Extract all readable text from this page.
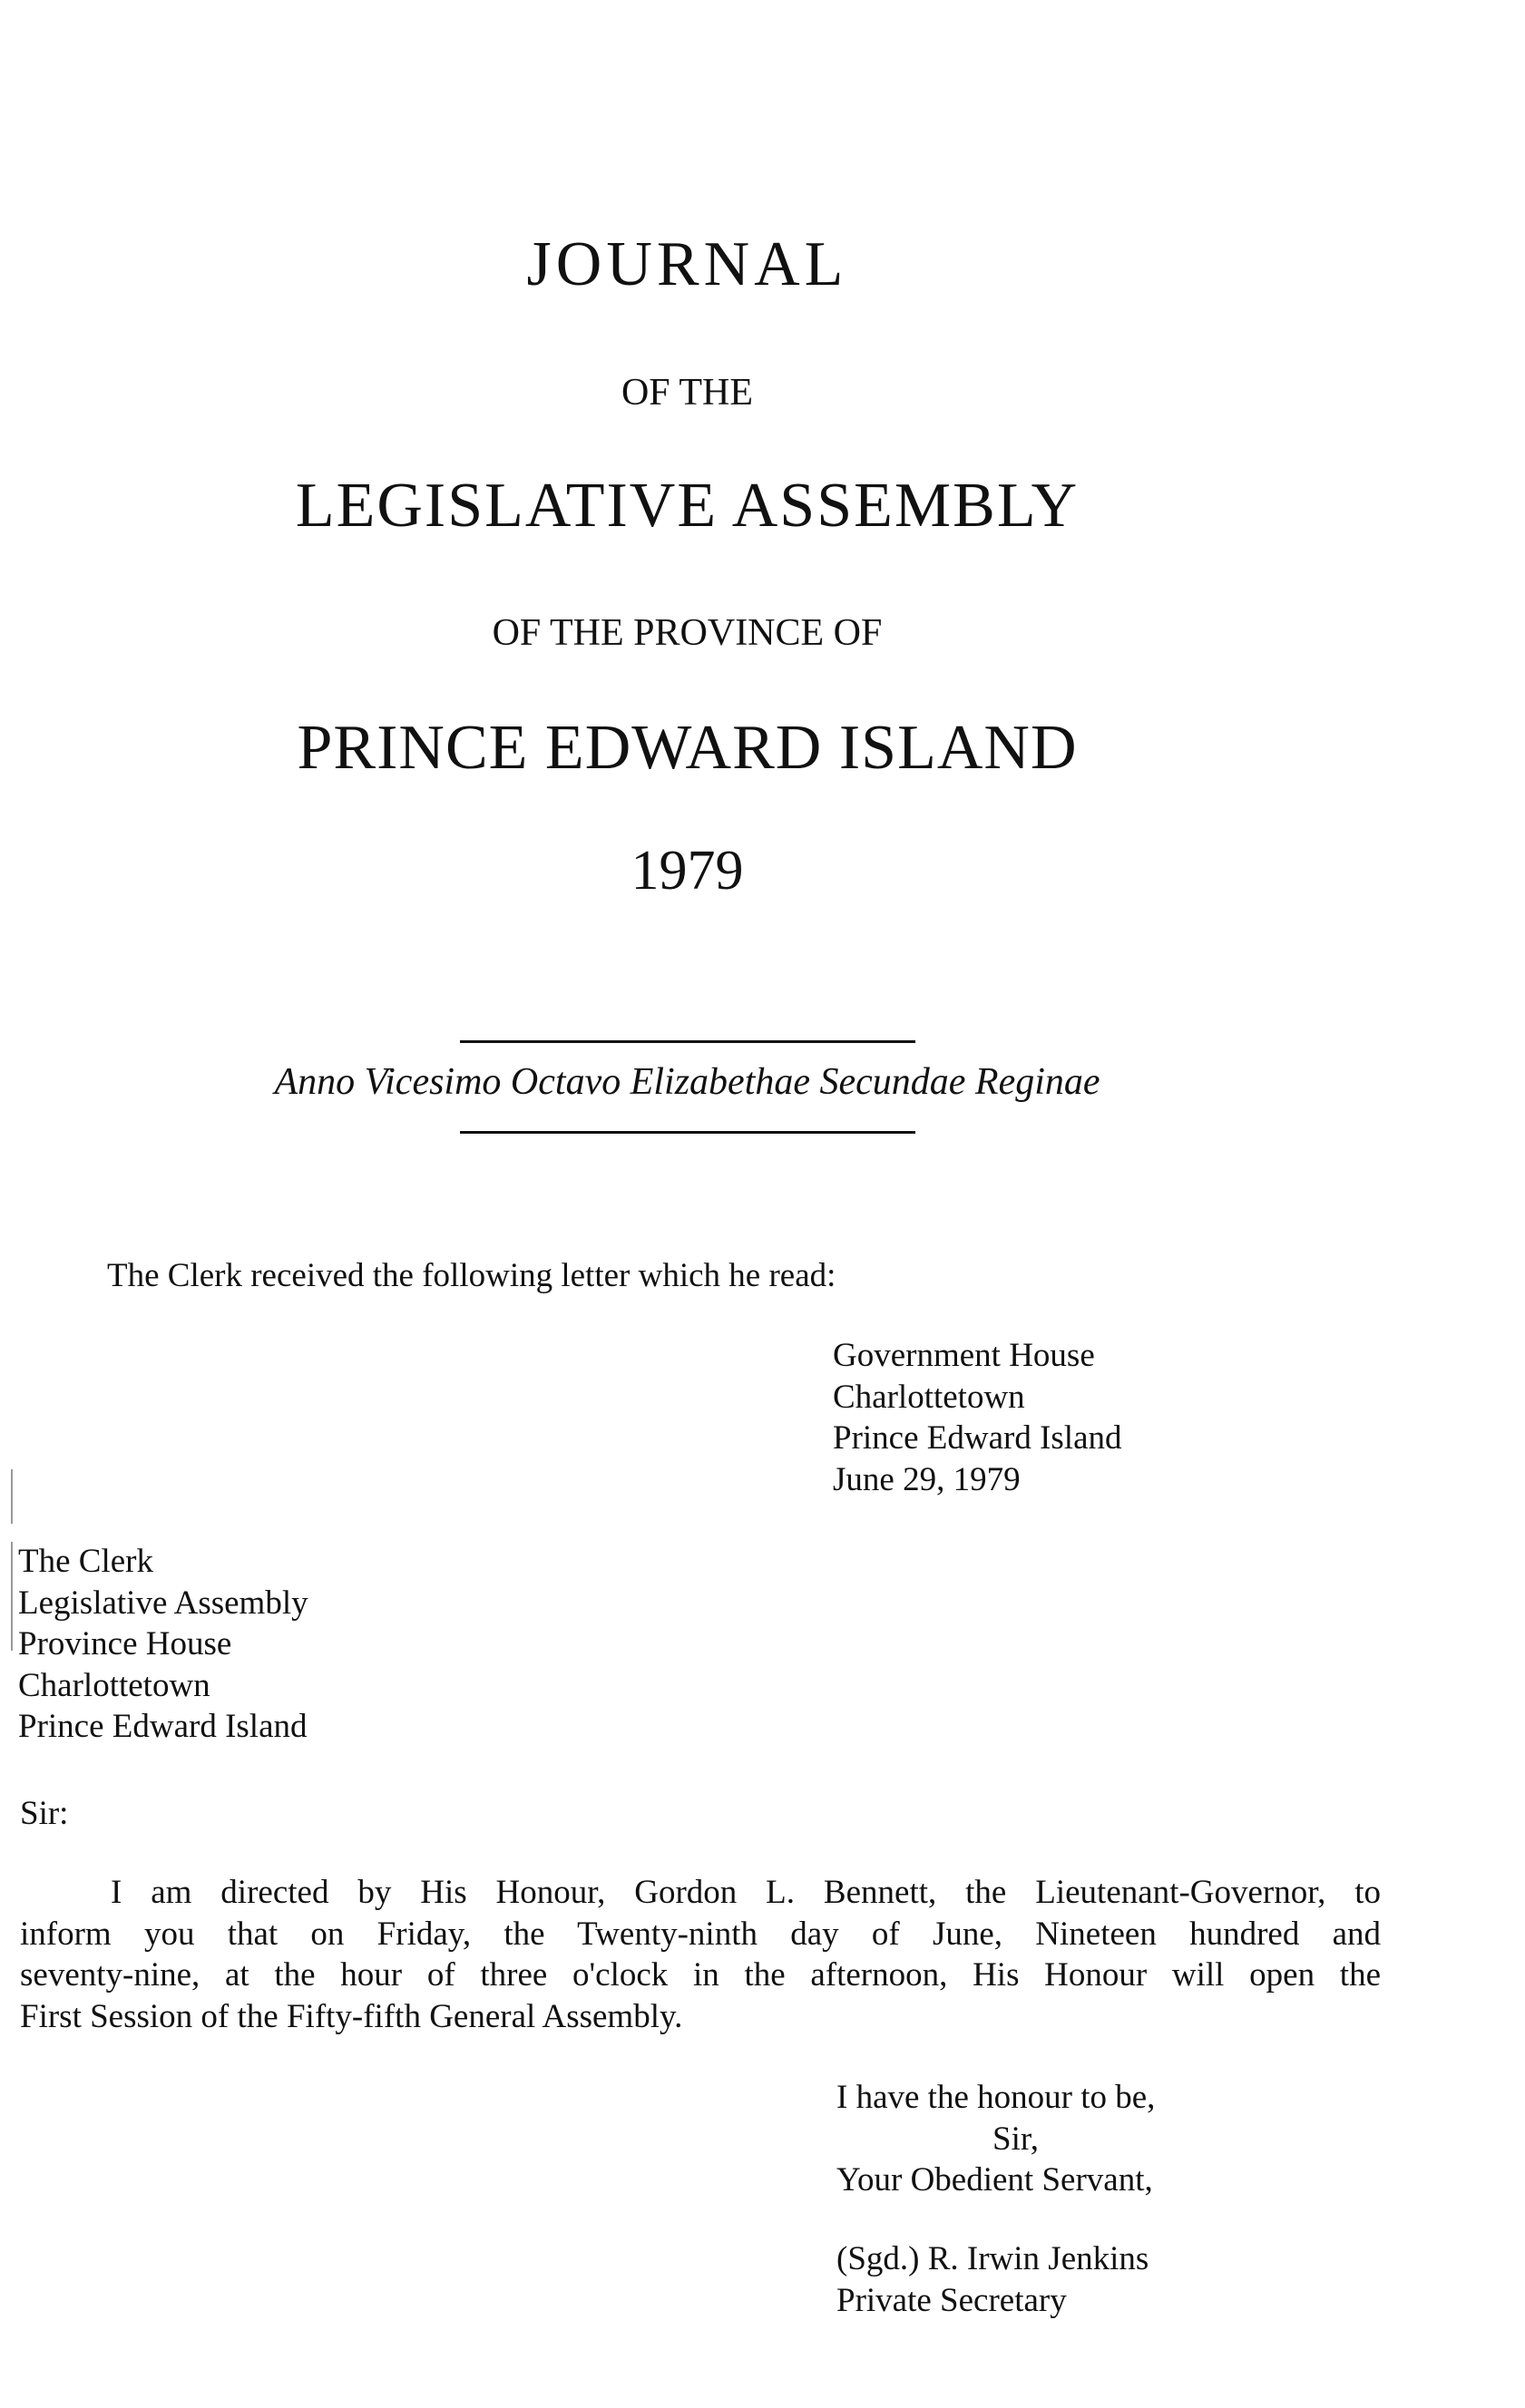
JOURNAL
OF THE
LEGISLATIVE ASSEMBLY
OF THE PROVINCE OF
PRINCE EDWARD ISLAND
1979
Anno Vicesimo Octavo Elizabethae Secundae Reginae
The Clerk received the following letter which he read:
Government House
Charlottetown
Prince Edward Island
June 29, 1979
The Clerk
Legislative Assembly
Province House
Charlottetown
Prince Edward Island
Sir:
I am directed by His Honour, Gordon L. Bennett, the Lieutenant-Governor, to
inform you that on Friday, the Twenty-ninth day of June, Nineteen hundred and
seventy-nine, at the hour of three o'clock in the afternoon, His Honour will open the
First Session of the Fifty-fifth General Assembly.
I have the honour to be,
Sir,
Your Obedient Servant,
(Sgd.) R. Irwin Jenkins
Private Secretary
